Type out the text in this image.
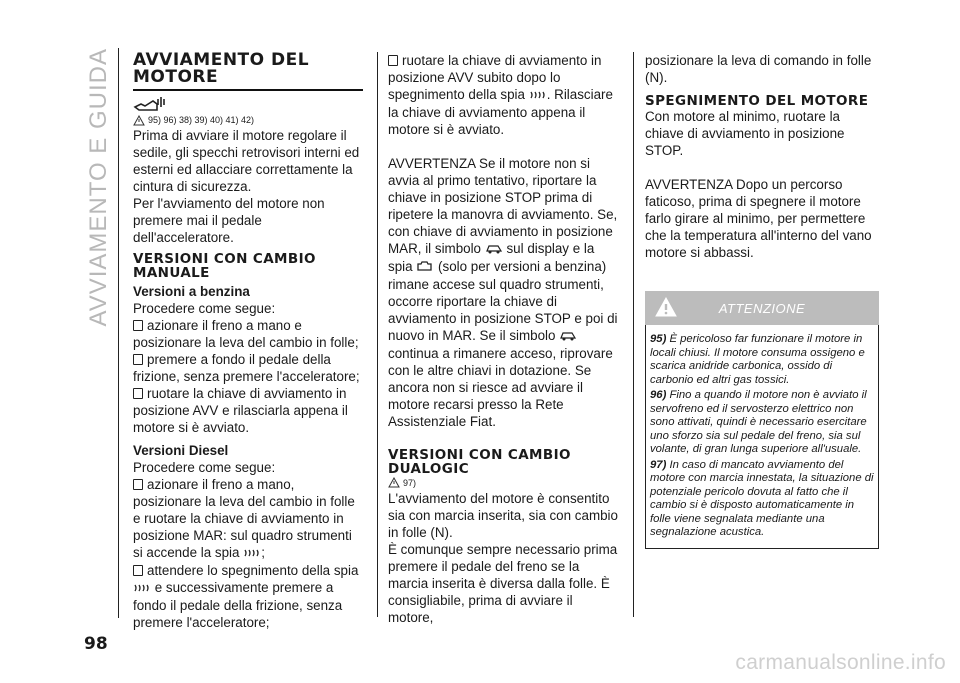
AVVIAMENTO E GUIDA AVVIAMENTO DEL MOTORE
95) 96) 38) 39) 40) 41) 42)

Prima di avviare il motore regolare il sedile, gli specchi retrovisori interni ed esterni ed allacciare correttamente la cintura di sicurezza.

Per l'avviamento del motore non premere mai il pedale dell'acceleratore.

VERSIONI CON CAMBIO MANUALE
Versioni a benzina

Procedere come segue:

azionare il freno a mano e posizionare la leva del cambio in folle;

premere a fondo il pedale della frizione, senza premere l'acceleratore;

ruotare la chiave di avviamento in posizione AVV e rilasciarla appena il motore si è avviato.

Versioni Diesel

Procedere come segue:

azionare il freno a mano, posizionare la leva del cambio in folle e ruotare la chiave di avviamento in posizione MAR: sul quadro strumenti si accende la spia ;

attendere lo spegnimento della spia  e successivamente premere a fondo il pedale della frizione, senza premere l'acceleratore;

ruotare la chiave di avviamento in posizione AVV subito dopo lo spegnimento della spia . Rilasciare la chiave di avviamento appena il motore si è avviato.

AVVERTENZA Se il motore non si avvia al primo tentativo, riportare la chiave in posizione STOP prima di ripetere la manovra di avviamento. Se, con chiave di avviamento in posizione MAR, il simbolo sul display e la spia (solo per versioni a benzina) rimane accese sul quadro strumenti, occorre riportare la chiave di avviamento in posizione STOP e poi di nuovo in MAR. Se il simbolo  continua a rimanere acceso, riprovare con le altre chiavi in dotazione. Se ancora non si riesce ad avviare il motore recarsi presso la Rete Assistenziale Fiat.

VERSIONI CON CAMBIO DUALOGIC
97)

L'avviamento del motore è consentito sia con marcia inserita, sia con cambio in folle (N).

È comunque sempre necessario prima premere il pedale del freno se la marcia inserita è diversa dalla folle. È consigliabile, prima di avviare il motore,

posizionare la leva di comando in folle (N).

SPEGNIMENTO DEL MOTORE

Con motore al minimo, ruotare la chiave di avviamento in posizione STOP.

AVVERTENZA Dopo un percorso faticoso, prima di spegnere il motore farlo girare al minimo, per permettere che la temperatura all'interno del vano motore si abbassi.

ATTENZIONE

95) È pericoloso far funzionare il motore in locali chiusi. Il motore consuma ossigeno e scarica anidride carbonica, ossido di carbonio ed altri gas tossici.

96) Fino a quando il motore non è avviato il servofreno ed il servosterzo elettrico non sono attivati, quindi è necessario esercitare uno sforzo sia sul pedale del freno, sia sul volante, di gran lunga superiore all'usuale.

97) In caso di mancato avviamento del motore con marcia innestata, la situazione di potenziale pericolo dovuta al fatto che il cambio si è disposto automaticamente in folle viene segnalata mediante una segnalazione acustica.

98
carmanualsonline.info
